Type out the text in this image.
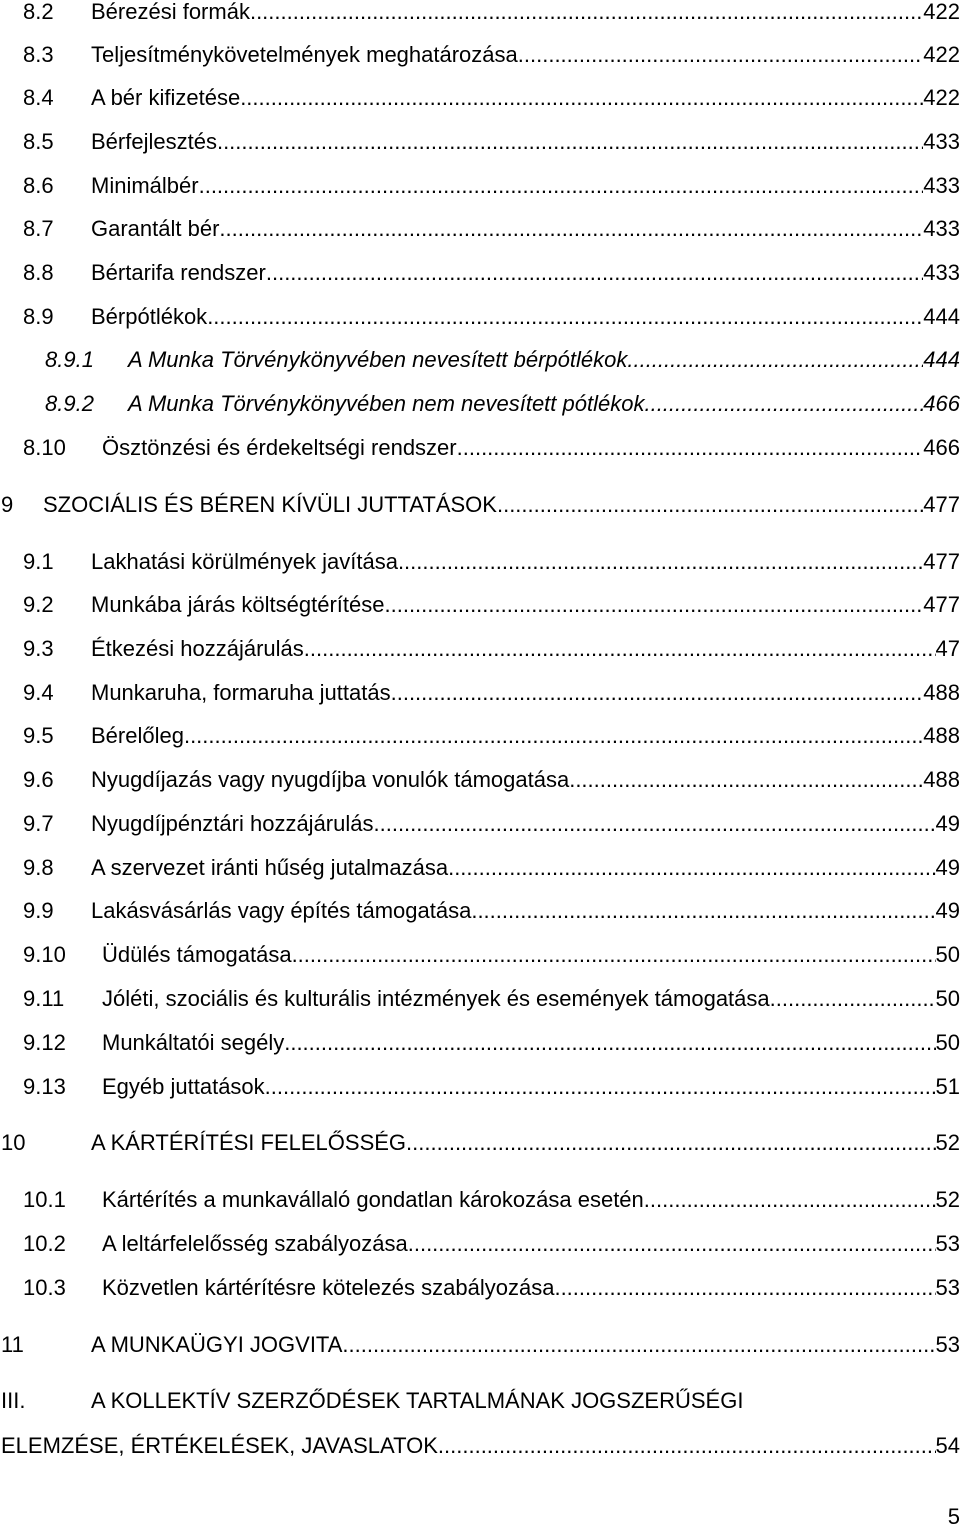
8.2 Bérezési formák .....	422
8.3 Teljesítménykövetelmények meghatározása .....	422
8.4 A bér kifizetése .....	422
8.5 Bérfejlesztés .....	433
8.6 Minimálbér .....	433
8.7 Garantált bér .....	433
8.8 Bértarifa rendszer .....	433
8.9 Bérpótlékok .....	444
8.9.1 A Munka Törvénykönyvében nevesített bérpótlékok .....	444
8.9.2 A Munka Törvénykönyvében nem nevesített pótlékok .....	466
8.10 Ösztönzési és érdekeltségi rendszer .....	466
9 SZOCIÁLIS ÉS BÉREN KÍVÜLI JUTTATÁSOK .....	477
9.1 Lakhatási körülmények javítása .....	477
9.2 Munkába járás költségtérítése .....	477
9.3 Étkezési hozzájárulás .....	47
9.4 Munkaruha, formaruha juttatás .....	488
9.5 Bérelőleg .....	488
9.6 Nyugdíjazás vagy nyugdíjba vonulók támogatása .....	488
9.7 Nyugdíjpénztári hozzájárulás .....	49
9.8 A szervezet iránti hűség jutalmazása .....	49
9.9 Lakásvásárlás vagy építés támogatása .....	49
9.10 Üdülés támogatása .....	50
9.11 Jóléti, szociális és kulturális intézmények és események támogatása .....	50
9.12 Munkáltatói segély .....	50
9.13 Egyéb juttatások .....	51
10	A KÁRTÉRÍTÉSI FELELŐSSÉG .....	52
10.1 Kártérítés a munkavállaló gondatlan károkozása esetén .....	52
10.2 A leltárfelelősség szabályozása .....	53
10.3 Közvetlen kártérítésre kötelezés szabályozása .....	53
11	A MUNKAÜGYI JOGVITA .....	53
III.	A KOLLEKTÍV SZERZŐDÉSEK TARTALMÁNAK JOGSZERŰSÉGI
ELEMZÉSE, ÉRTÉKELÉSEK, JAVASLATOK .....	54
5
